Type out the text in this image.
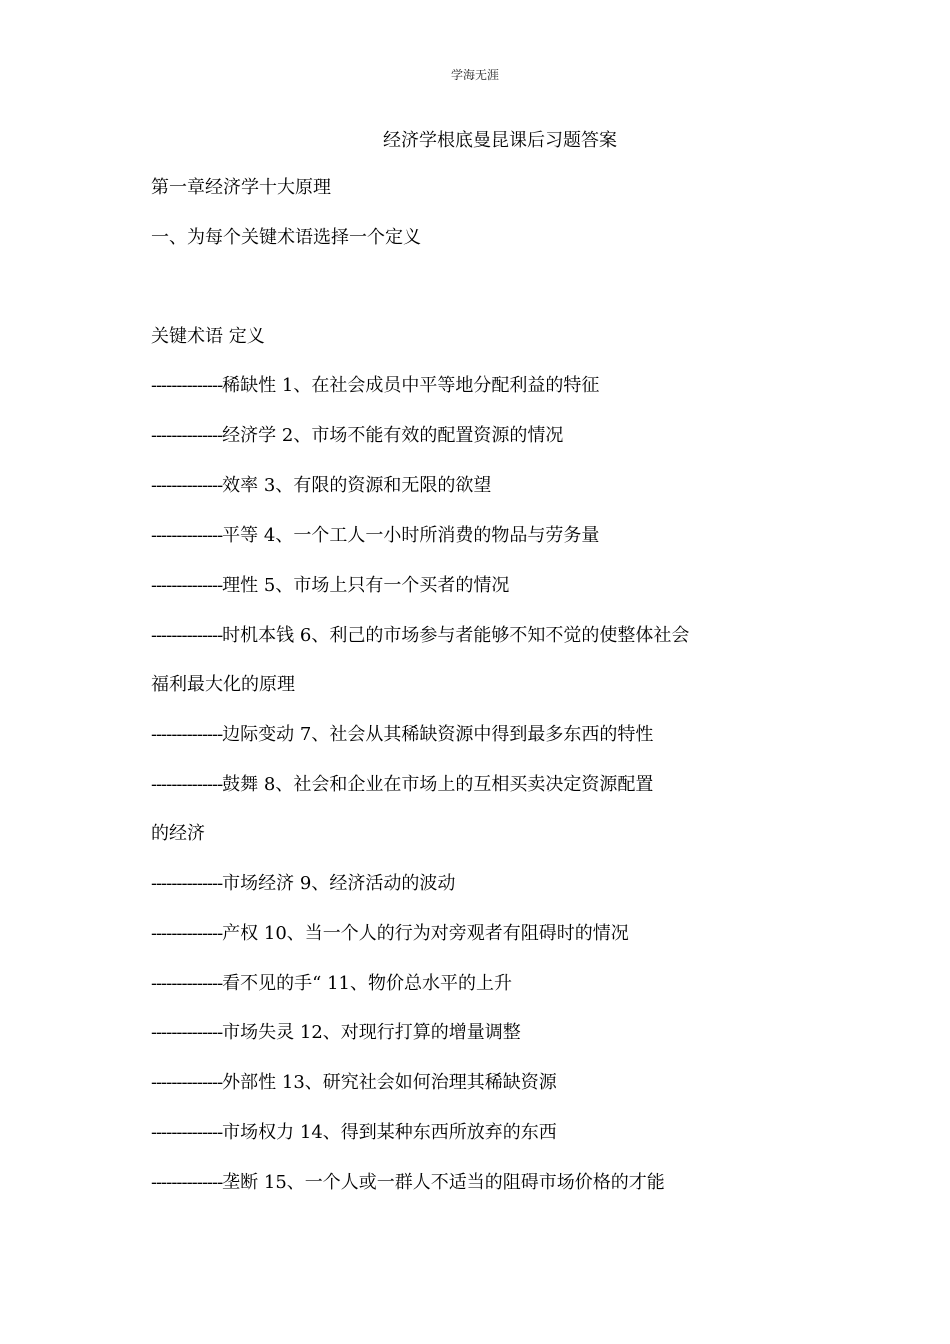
学海无涯
经济学根底曼昆课后习题答案
第一章经济学十大原理
一、为每个关键术语选择一个定义
关键术语 定义
--------------稀缺性 1、在社会成员中平等地分配利益的特征
--------------经济学 2、市场不能有效的配置资源的情况
--------------效率 3、有限的资源和无限的欲望
--------------平等 4、一个工人一小时所消费的物品与劳务量
--------------理性 5、市场上只有一个买者的情况
--------------时机本钱 6、利己的市场参与者能够不知不觉的使整体社会
福利最大化的原理
--------------边际变动 7、社会从其稀缺资源中得到最多东西的特性
--------------鼓舞 8、社会和企业在市场上的互相买卖决定资源配置
的经济
--------------市场经济 9、经济活动的波动
--------------产权 10、当一个人的行为对旁观者有阻碍时的情况
--------------看不见的手“ 11、物价总水平的上升
--------------市场失灵 12、对现行打算的增量调整
--------------外部性 13、研究社会如何治理其稀缺资源
--------------市场权力 14、得到某种东西所放弃的东西
--------------垄断 15、一个人或一群人不适当的阻碍市场价格的才能
